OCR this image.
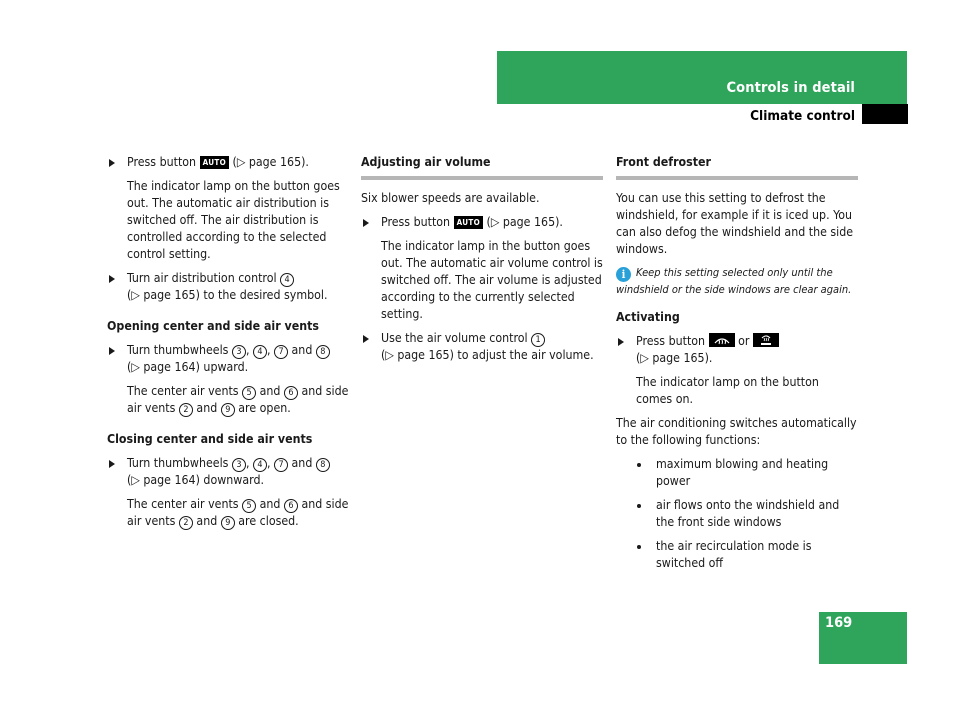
Controls in detail
Climate control
Press button AUTO (▷ page 165).
The indicator lamp on the button goes out. The automatic air distribution is switched off. The air distribution is controlled according to the selected control setting.
Turn air distribution control 4
(▷ page 165) to the desired symbol.
Opening center and side air vents
Turn thumbwheels 3 , 4 , 7 and 8
(▷ page 164) upward.
The center air vents 5 and 6 and side air vents 2 and 9 are open.
Closing center and side air vents
Turn thumbwheels 3 , 4 , 7 and 8
(▷ page 164) downward.
The center air vents 5 and 6 and side air vents 2 and 9 are closed.
Adjusting air volume
Six blower speeds are available.
Press button AUTO (▷ page 165).
The indicator lamp in the button goes out. The automatic air volume control is switched off. The air volume is adjusted according to the currently selected setting.
Use the air volume control 1
(▷ page 165) to adjust the air volume.
Front defroster
You can use this setting to defrost the windshield, for example if it is iced up. You can also defog the windshield and the side windows.
i Keep this setting selected only until the windshield or the side windows are clear again.
Activating
Press button	or

(▷ page 165).
The indicator lamp on the button comes on.
The air conditioning switches automatically to the following functions:
maximum blowing and heating power
air flows onto the windshield and the front side windows
the air recirculation mode is switched off
169
